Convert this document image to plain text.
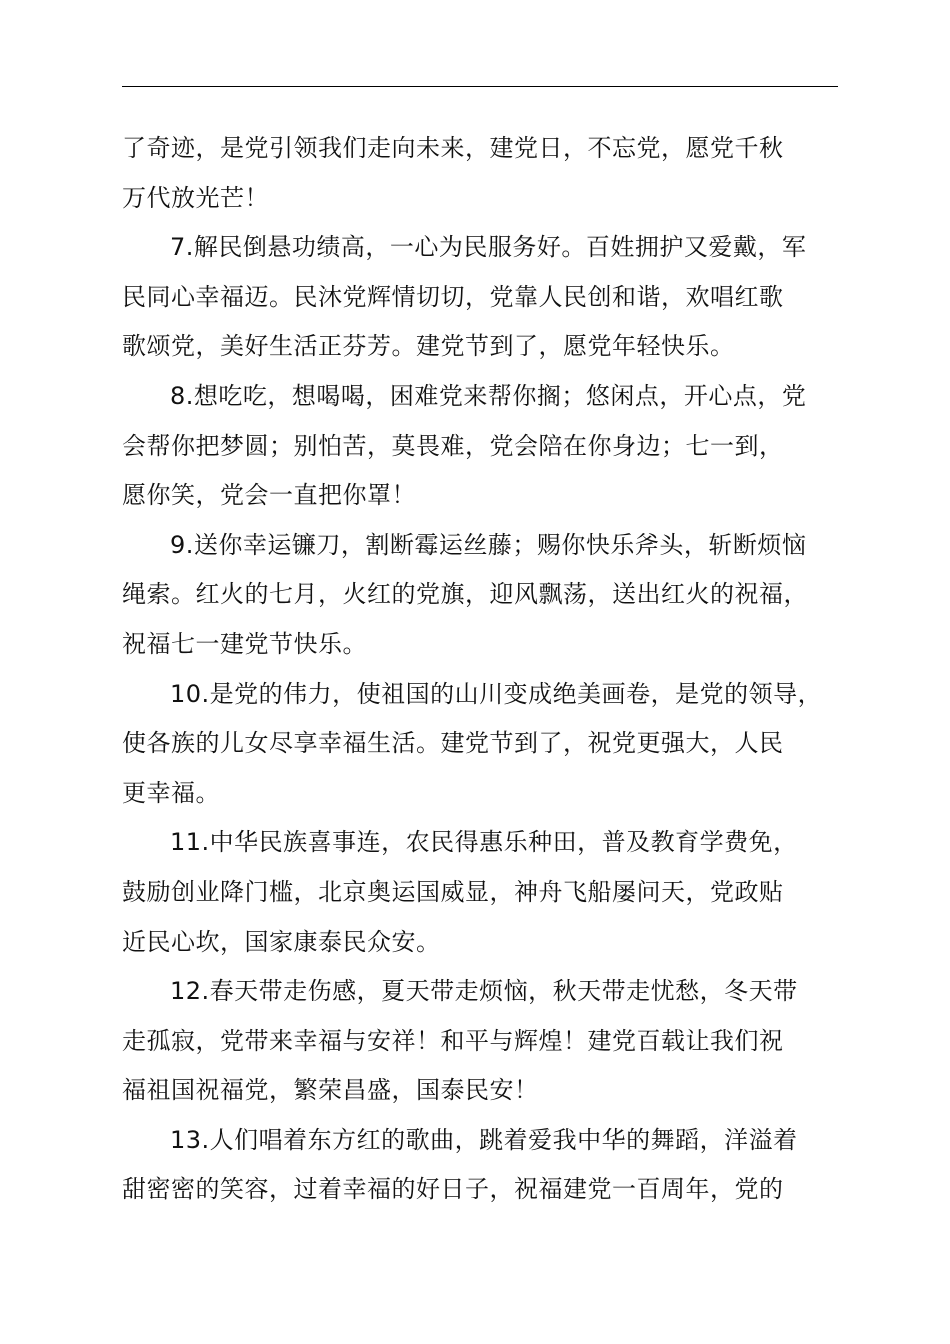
了奇迹，是党引领我们走向未来，建党日，不忘党，愿党千秋
万代放光芒！

7.解民倒悬功绩高，一心为民服务好。百姓拥护又爱戴，军
民同心幸福迈。民沐党辉情切切，党靠人民创和谐，欢唱红歌
歌颂党，美好生活正芬芳。建党节到了，愿党年轻快乐。

8.想吃吃，想喝喝，困难党来帮你搁；悠闲点，开心点，党
会帮你把梦圆；别怕苦，莫畏难，党会陪在你身边；七一到，
愿你笑，党会一直把你罩！

9.送你幸运镰刀，割断霉运丝藤；赐你快乐斧头，斩断烦恼
绳索。红火的七月，火红的党旗，迎风飘荡，送出红火的祝福，
祝福七一建党节快乐。

10.是党的伟力，使祖国的山川变成绝美画卷，是党的领导，
使各族的儿女尽享幸福生活。建党节到了，祝党更强大，人民
更幸福。

11.中华民族喜事连，农民得惠乐种田，普及教育学费免，
鼓励创业降门槛，北京奥运国威显，神舟飞船屡问天，党政贴
近民心坎，国家康泰民众安。

12.春天带走伤感，夏天带走烦恼，秋天带走忧愁，冬天带
走孤寂，党带来幸福与安祥！和平与辉煌！建党百载让我们祝
福祖国祝福党，繁荣昌盛，国泰民安！

13.人们唱着东方红的歌曲，跳着爱我中华的舞蹈，洋溢着
甜密密的笑容，过着幸福的好日子，祝福建党一百周年，党的
